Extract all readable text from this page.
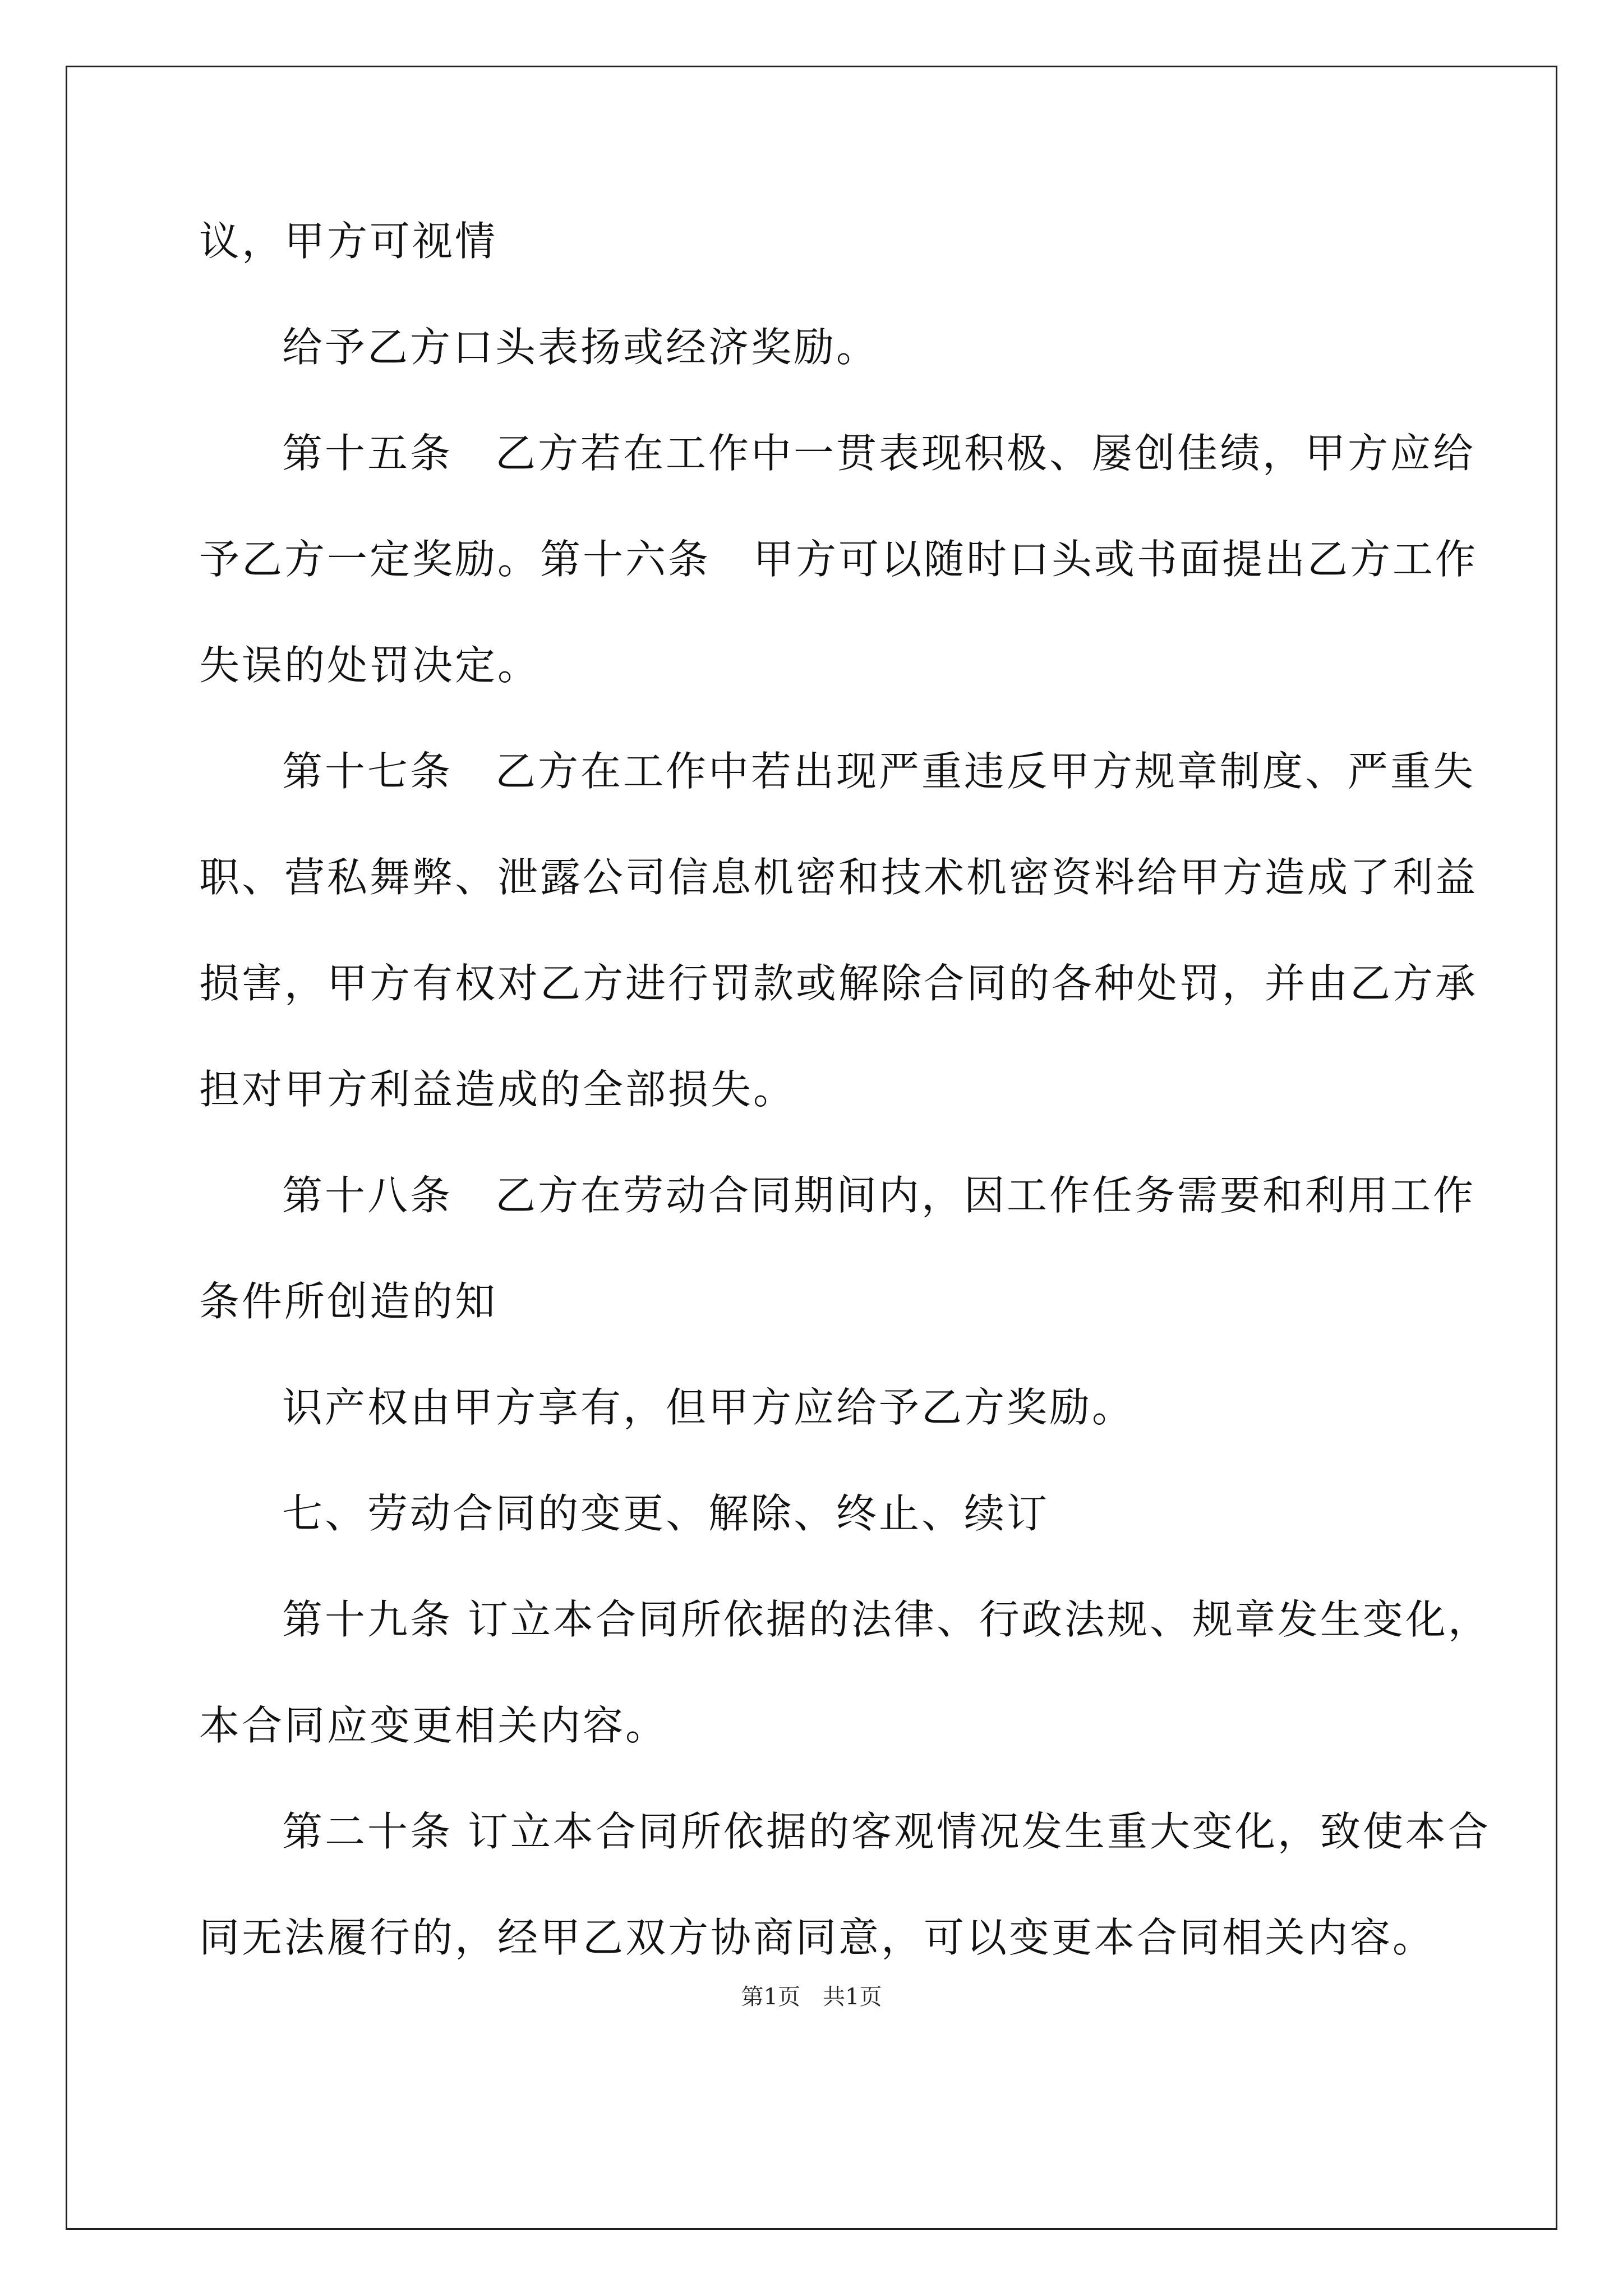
议，甲方可视情
给予乙方口头表扬或经济奖励。
第十五条　乙方若在工作中一贯表现积极、屡创佳绩，甲方应给
予乙方一定奖励。第十六条　甲方可以随时口头或书面提出乙方工作
失误的处罚决定。
第十七条　乙方在工作中若出现严重违反甲方规章制度、严重失
职、营私舞弊、泄露公司信息机密和技术机密资料给甲方造成了利益
损害，甲方有权对乙方进行罚款或解除合同的各种处罚，并由乙方承
担对甲方利益造成的全部损失。
第十八条　乙方在劳动合同期间内，因工作任务需要和利用工作
条件所创造的知
识产权由甲方享有，但甲方应给予乙方奖励。
七、劳动合同的变更、解除、终止、续订
第十九条 订立本合同所依据的法律、行政法规、规章发生变化，
本合同应变更相关内容。
第二十条 订立本合同所依据的客观情况发生重大变化，致使本合
同无法履行的，经甲乙双方协商同意，可以变更本合同相关内容。
第1页　共1页
